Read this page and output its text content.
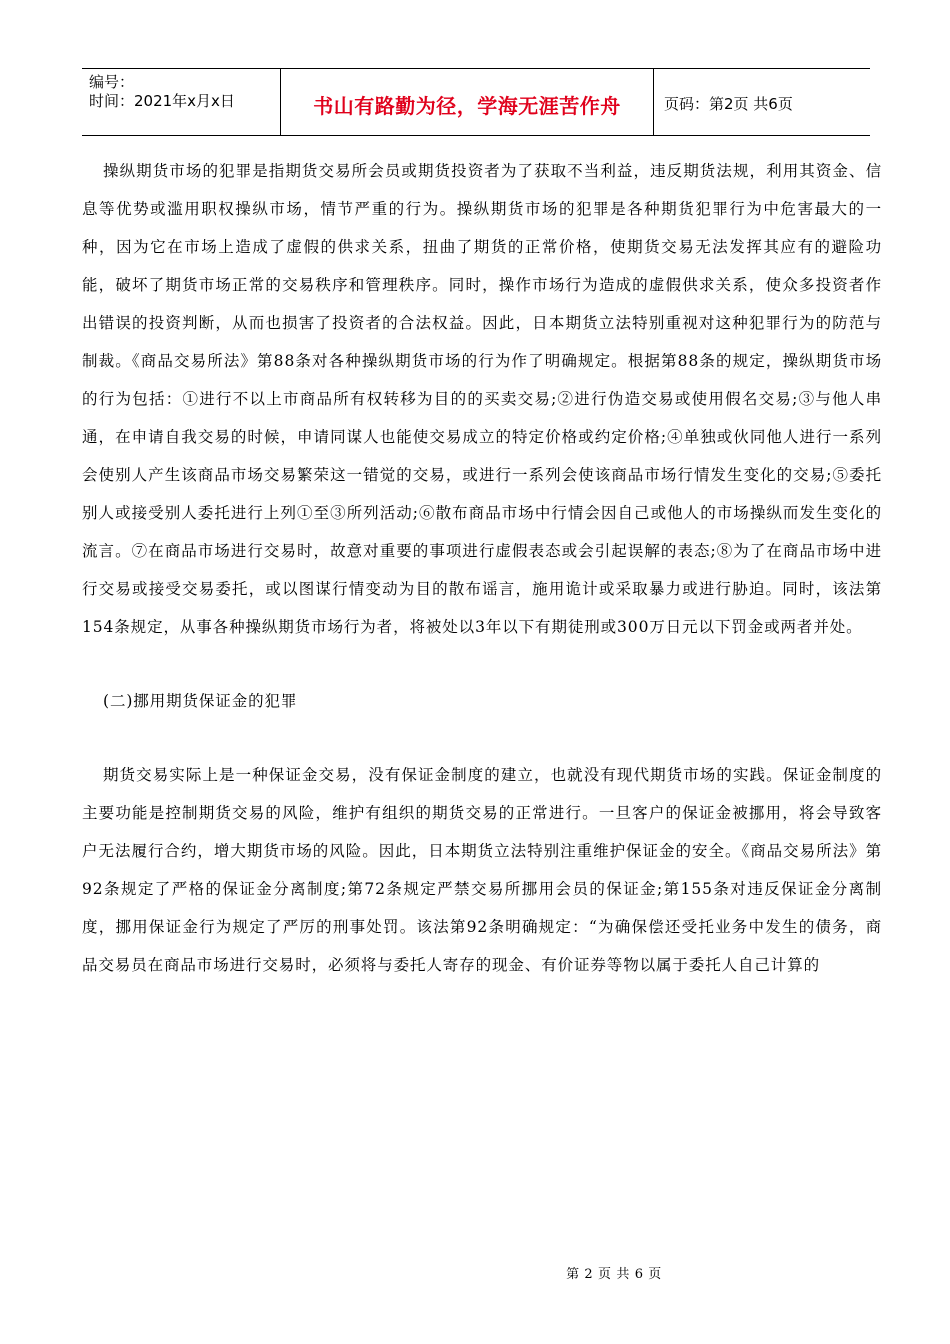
编号：
时间：2021年x月x日	书山有路勤为径，学海无涯苦作舟	页码：第2页 共6页

操纵期货市场的犯罪是指期货交易所会员或期货投资者为了获取不当利益，违反期货法规，利用其资金、信息等优势或滥用职权操纵市场，情节严重的行为。操纵期货市场的犯罪是各种期货犯罪行为中危害最大的一种，因为它在市场上造成了虚假的供求关系，扭曲了期货的正常价格，使期货交易无法发挥其应有的避险功能，破坏了期货市场正常的交易秩序和管理秩序。同时，操作市场行为造成的虚假供求关系，使众多投资者作出错误的投资判断，从而也损害了投资者的合法权益。因此，日本期货立法特别重视对这种犯罪行为的防范与制裁。《商品交易所法》第88条对各种操纵期货市场的行为作了明确规定。根据第88条的规定，操纵期货市场的行为包括：①进行不以上市商品所有权转移为目的的买卖交易;②进行伪造交易或使用假名交易;③与他人串通，在申请自我交易的时候，申请同谋人也能使交易成立的特定价格或约定价格;④单独或伙同他人进行一系列会使别人产生该商品市场交易繁荣这一错觉的交易，或进行一系列会使该商品市场行情发生变化的交易;⑤委托别人或接受别人委托进行上列①至③所列活动;⑥散布商品市场中行情会因自己或他人的市场操纵而发生变化的流言。⑦在商品市场进行交易时，故意对重要的事项进行虚假表态或会引起误解的表态;⑧为了在商品市场中进行交易或接受交易委托，或以图谋行情变动为目的散布谣言，施用诡计或采取暴力或进行胁迫。同时，该法第154条规定，从事各种操纵期货市场行为者，将被处以3年以下有期徒刑或300万日元以下罚金或两者并处。

(二)挪用期货保证金的犯罪

期货交易实际上是一种保证金交易，没有保证金制度的建立，也就没有现代期货市场的实践。保证金制度的主要功能是控制期货交易的风险，维护有组织的期货交易的正常进行。一旦客户的保证金被挪用，将会导致客户无法履行合约，增大期货市场的风险。因此，日本期货立法特别注重维护保证金的安全。《商品交易所法》第92条规定了严格的保证金分离制度;第72条规定严禁交易所挪用会员的保证金;第155条对违反保证金分离制度，挪用保证金行为规定了严厉的刑事处罚。该法第92条明确规定：“为确保偿还受托业务中发生的债务，商品交易员在商品市场进行交易时，必须将与委托人寄存的现金、有价证券等物以属于委托人自己计算的

第 2 页 共 6 页
